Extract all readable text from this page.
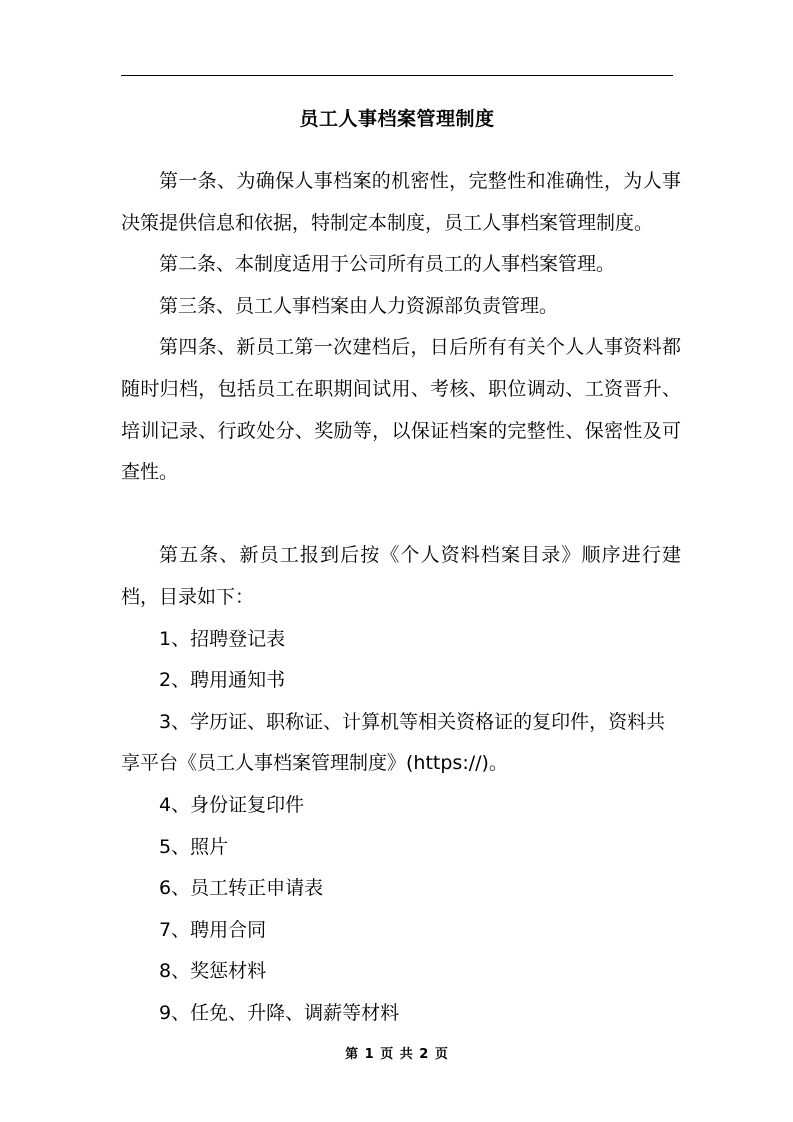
员工人事档案管理制度

第一条、为确保人事档案的机密性，完整性和准确性，为人事决策提供信息和依据，特制定本制度，员工人事档案管理制度。

第二条、本制度适用于公司所有员工的人事档案管理。

第三条、员工人事档案由人力资源部负责管理。

第四条、新员工第一次建档后，日后所有有关个人人事资料都随时归档，包括员工在职期间试用、考核、职位调动、工资晋升、培训记录、行政处分、奖励等，以保证档案的完整性、保密性及可查性。

第五条、新员工报到后按《个人资料档案目录》顺序进行建档，目录如下：

1、招聘登记表
2、聘用通知书
3、学历证、职称证、计算机等相关资格证的复印件，资料共享平台《员工人事档案管理制度》(https://)。
4、身份证复印件
5、照片
6、员工转正申请表
7、聘用合同
8、奖惩材料
9、任免、升降、调薪等材料
第 1 页 共 2 页
